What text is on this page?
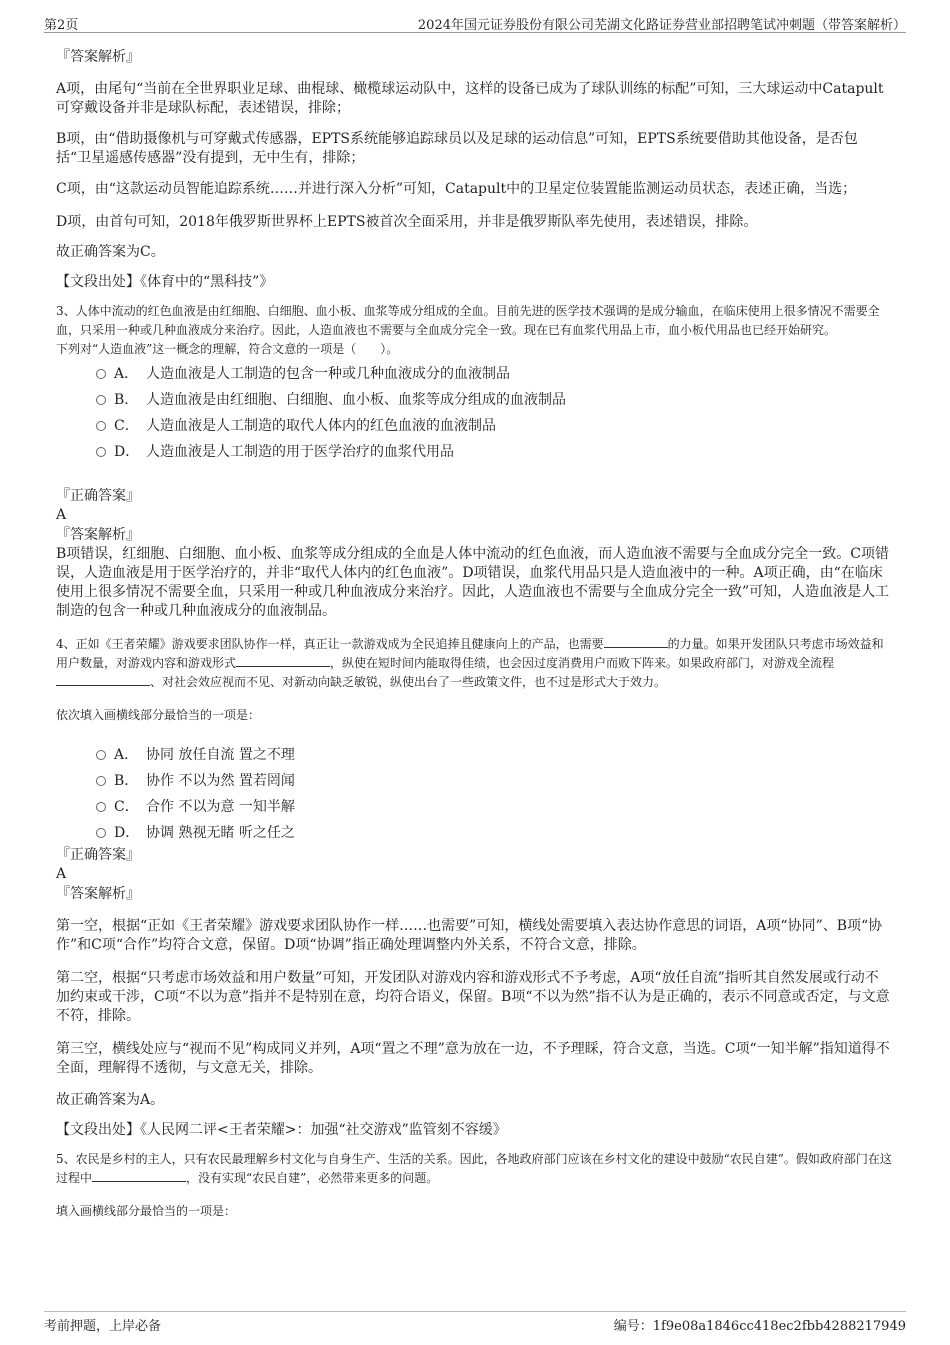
第2页	2024年国元证券股份有限公司芜湖文化路证券营业部招聘笔试冲刺题（带答案解析）

『答案解析』

A项，由尾句“当前在全世界职业足球、曲棍球、橄榄球运动队中，这样的设备已成为了球队训练的标配”可知，三大球运动中Catapult可穿戴设备并非是球队标配，表述错误，排除；

B项，由“借助摄像机与可穿戴式传感器，EPTS系统能够追踪球员以及足球的运动信息”可知，EPTS系统要借助其他设备，是否包括“卫星遥感传感器”没有提到，无中生有，排除；

C项，由“这款运动员智能追踪系统……并进行深入分析”可知，Catapult中的卫星定位装置能监测运动员状态，表述正确，当选；

D项，由首句可知，2018年俄罗斯世界杯上EPTS被首次全面采用，并非是俄罗斯队率先使用，表述错误，排除。

故正确答案为C。

【文段出处】《体育中的“黑科技”》

3、人体中流动的红色血液是由红细胞、白细胞、血小板、血浆等成分组成的全血。目前先进的医学技术强调的是成分输血，在临床使用上很多情况不需要全血，只采用一种或几种血液成分来治疗。因此，人造血液也不需要与全血成分完全一致。现在已有血浆代用品上市，血小板代用品也已经开始研究。

下列对“人造血液”这一概念的理解，符合文意的一项是（　　）。

A． 人造血液是人工制造的包含一种或几种血液成分的血液制品
B． 人造血液是由红细胞、白细胞、血小板、血浆等成分组成的血液制品
C． 人造血液是人工制造的取代人体内的红色血液的血液制品
D． 人造血液是人工制造的用于医学治疗的血浆代用品

『正确答案』

A

『答案解析』

B项错误，红细胞、白细胞、血小板、血浆等成分组成的全血是人体中流动的红色血液，而人造血液不需要与全血成分完全一致。C项错误，人造血液是用于医学治疗的，并非“取代人体内的红色血液”。D项错误，血浆代用品只是人造血液中的一种。A项正确，由“在临床使用上很多情况不需要全血，只采用一种或几种血液成分来治疗。因此，人造血液也不需要与全血成分完全一致”可知，人造血液是人工制造的包含一种或几种血液成分的血液制品。

4、正如《王者荣耀》游戏要求团队协作一样，真正让一款游戏成为全民追捧且健康向上的产品，也需要	的力量。如果开发团队只考虑市场效益和用户数量，对游戏内容和游戏形式	，纵使在短时间内能取得佳绩，也会因过度消费用户而败下阵来。如果政府部门，对游戏全流程、对社会效应视而不见、对新动向缺乏敏锐，纵使出台了一些政策文件，也不过是形式大于效力。

依次填入画横线部分最恰当的一项是：

A． 协同 放任自流 置之不理
B． 协作 不以为然 置若罔闻
C． 合作 不以为意 一知半解
D． 协调 熟视无睹 听之任之

『正确答案』

A

『答案解析』

第一空，根据“正如《王者荣耀》游戏要求团队协作一样……也需要”可知，横线处需要填入表达协作意思的词语，A项“协同”、B项“协作”和C项“合作”均符合文意，保留。D项“协调”指正确处理调整内外关系，不符合文意，排除。

第二空，根据“只考虑市场效益和用户数量”可知，开发团队对游戏内容和游戏形式不予考虑，A项“放任自流”指听其自然发展或行动不加约束或干涉，C项“不以为意”指并不是特别在意，均符合语义，保留。B项“不以为然”指不认为是正确的，表示不同意或否定，与文意不符，排除。

第三空，横线处应与“视而不见”构成同义并列，A项“置之不理”意为放在一边，不予理睬，符合文意，当选。C项“一知半解”指知道得不全面，理解得不透彻，与文意无关，排除。

故正确答案为A。

【文段出处】《人民网二评<王者荣耀>：加强“社交游戏”监管刻不容缓》

5、农民是乡村的主人，只有农民最理解乡村文化与自身生产、生活的关系。因此，各地政府部门应该在乡村文化的建设中鼓励“农民自建”。假如政府部门在这过程中	，没有实现“农民自建”，必然带来更多的问题。

填入画横线部分最恰当的一项是：

考前押题，上岸必备	编号：1f9e08a1846cc418ec2fbb4288217949
